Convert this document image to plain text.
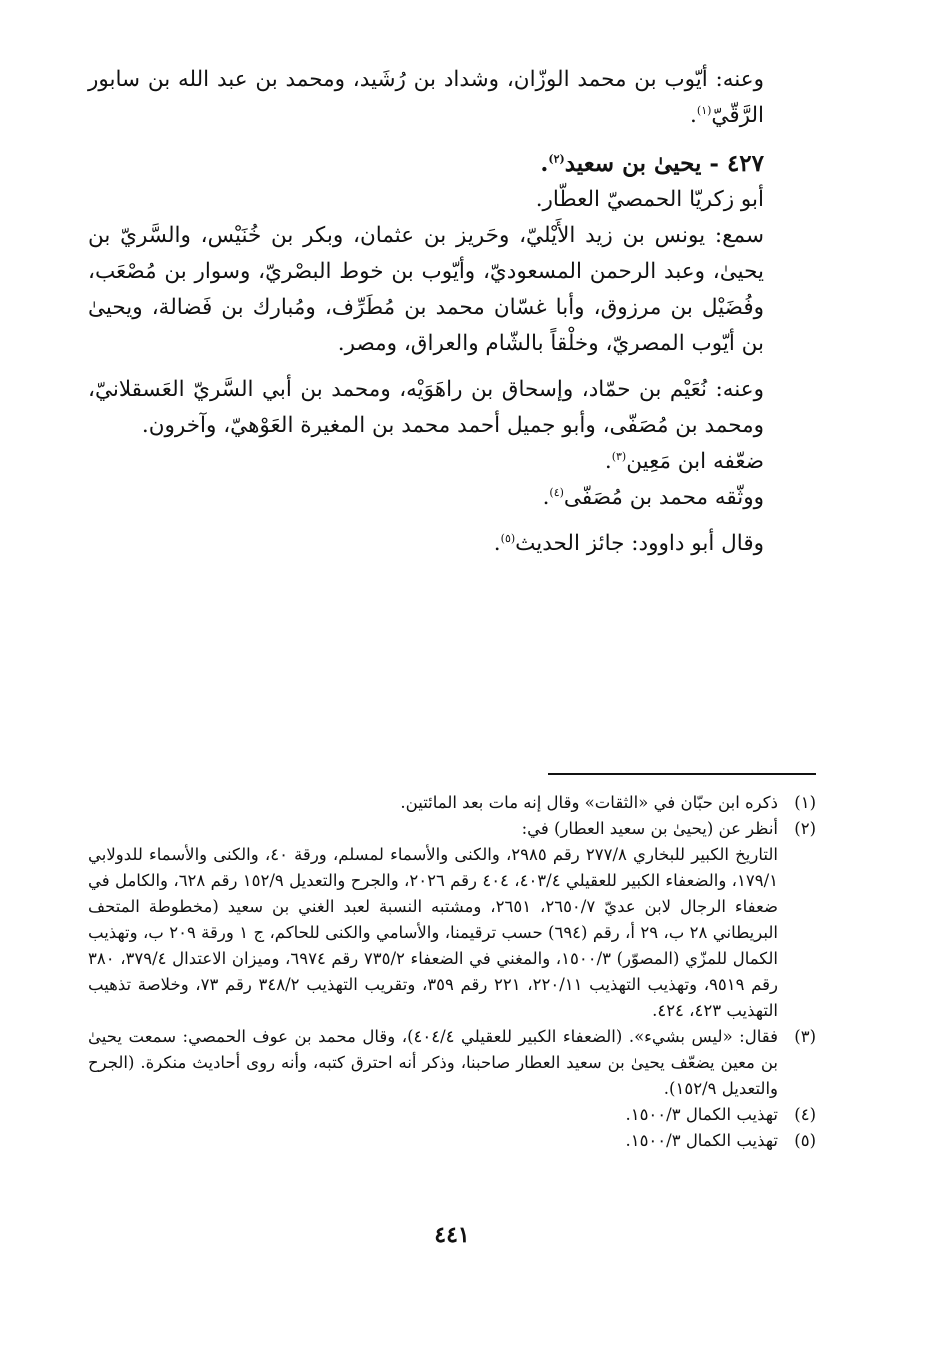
وعنه: أيّوب بن محمد الوزّان، وشداد بن رُشَيد، ومحمد بن عبد الله بن سابور الرَّقّيّ$^{(١)}$.

٤٢٧ - يحيىٰ بن سعيد$^{(٢)}$.

أبو زكريّا الحمصيّ العطّار.

سمع: يونس بن زيد الأَيْليّ، وحَريز بن عثمان، وبكر بن خُنَيْس، والسَّريّ بن يحيىٰ، وعبد الرحمن المسعوديّ، وأيّوب بن خوط البصْريّ، وسوار بن مُصْعَب، وفُضَيْل بن مرزوق، وأبا غسّان محمد بن مُطَرِّف، ومُبارك بن فَضالة، ويحيىٰ بن أيّوب المصريّ، وخلْقاً بالشّام والعراق، ومصر.

وعنه: نُعَيْم بن حمّاد، وإسحاق بن راهَوَيْه، ومحمد بن أبي السَّريّ العَسقلانيّ، ومحمد بن مُصَفّى، وأبو جميل أحمد محمد بن المغيرة العَوْهيّ، وآخرون.

ضعّفه ابن مَعِين$^{(٣)}$.

ووثّقه محمد بن مُصَفّى$^{(٤)}$.

وقال أبو داوود: جائز الحديث$^{(٥)}$.

(١)

ذكره ابن حبّان في «الثقات» وقال إنه مات بعد المائتين.

(٢)

أنظر عن (يحيىٰ بن سعيد العطار) في:

التاريخ الكبير للبخاري ٢٧٧/٨ رقم ٢٩٨٥، والكنى والأسماء لمسلم، ورقة ٤٠، والكنى والأسماء للدولابي ١٧٩/١، والضعفاء الكبير للعقيلي ٤٠٣/٤، ٤٠٤ رقم ٢٠٢٦، والجرح والتعديل ١٥٢/٩ رقم ٦٢٨، والكامل في ضعفاء الرجال لابن عديّ ٢٦٥٠/٧، ٢٦٥١، ومشتبه النسبة لعبد الغني بن سعيد (مخطوطة المتحف البريطاني ٢٨ ب، ٢٩ أ، رقم (٦٩٤) حسب ترقيمنا، والأسامي والكنى للحاكم، ج ١ ورقة ٢٠٩ ب، وتهذيب الكمال للمزّي (المصوّر) ١٥٠٠/٣، والمغني في الضعفاء ٧٣٥/٢ رقم ٦٩٧٤، وميزان الاعتدال ٣٧٩/٤، ٣٨٠ رقم ٩٥١٩، وتهذيب التهذيب ٢٢٠/١١، ٢٢١ رقم ٣٥٩، وتقريب التهذيب ٣٤٨/٢ رقم ٧٣، وخلاصة تذهيب التهذيب ٤٢٣، ٤٢٤.

(٣)

فقال: «ليس بشيء». (الضعفاء الكبير للعقيلي ٤٠٤/٤)، وقال محمد بن عوف الحمصي: سمعت يحيىٰ بن معين يضعّف يحيىٰ بن سعيد العطار صاحبنا، وذكر أنه احترق كتبه، وأنه روى أحاديث منكرة. (الجرح والتعديل ١٥٢/٩).

(٤)

تهذيب الكمال ١٥٠٠/٣.

(٥)

تهذيب الكمال ١٥٠٠/٣.

٤٤١
